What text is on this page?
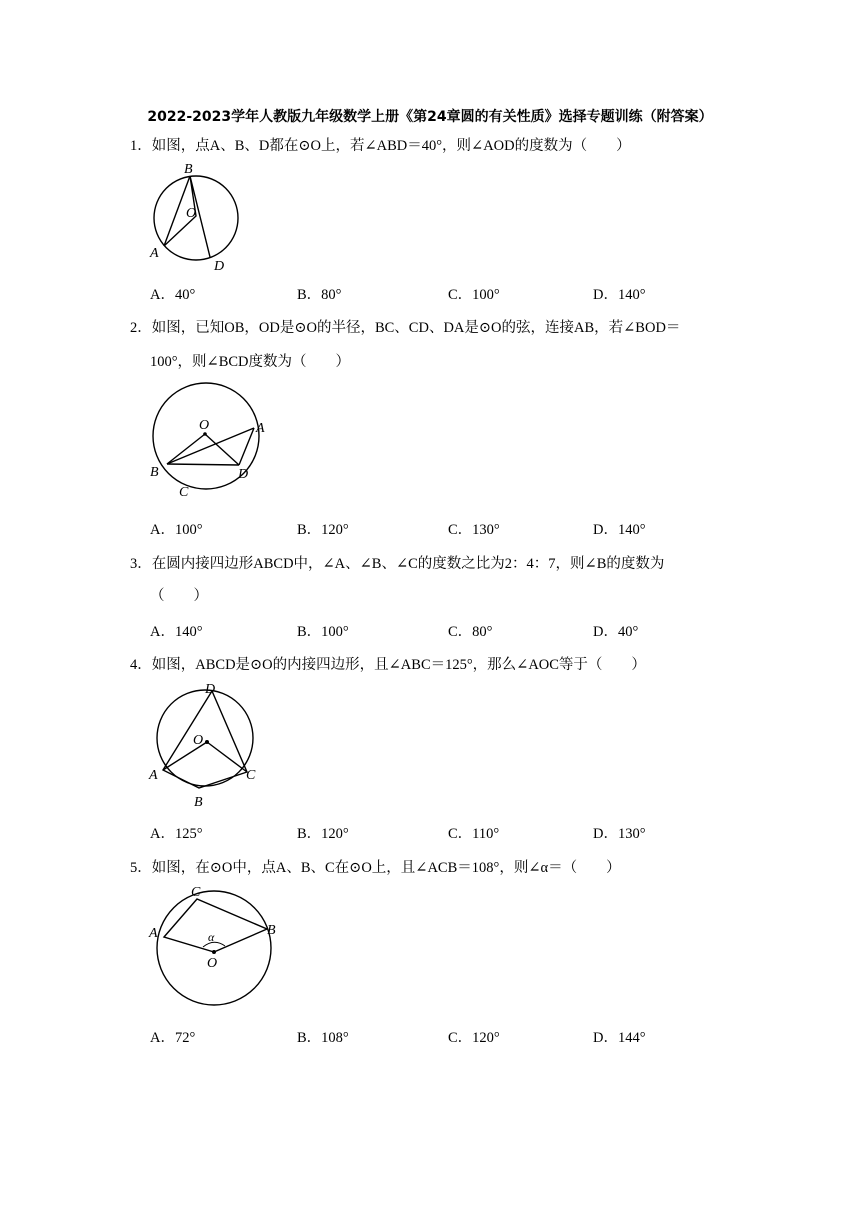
2022-2023学年人教版九年级数学上册《第24章圆的有关性质》选择专题训练（附答案）
1．如图，点A、B、D都在⊙O上，若∠ABD＝40°，则∠AOD的度数为（　　）
B
O
A
D
A．40°	B．80°	C．100°	D．140°
2．如图，已知OB，OD是⊙O的半径，BC、CD、DA是⊙O的弦，连接AB，若∠BOD＝
100°，则∠BCD度数为（　　）
O	A
B	D
C
A．100°	B．120°	C．130°	D．140°
3．在圆内接四边形ABCD中，∠A、∠B、∠C的度数之比为2：4：7，则∠B的度数为
（　　）
A．140°	B．100°	C．80°	D．40°
4．如图，ABCD是⊙O的内接四边形，且∠ABC＝125°，那么∠AOC等于（　　）
D
O
A	C
B
A．125°	B．120°	C．110°	D．130°
5．如图，在⊙O中，点A、B、C在⊙O上，且∠ACB＝108°，则∠α＝（　　）
C
A	B
α
O
A．72°	B．108°	C．120°	D．144°
